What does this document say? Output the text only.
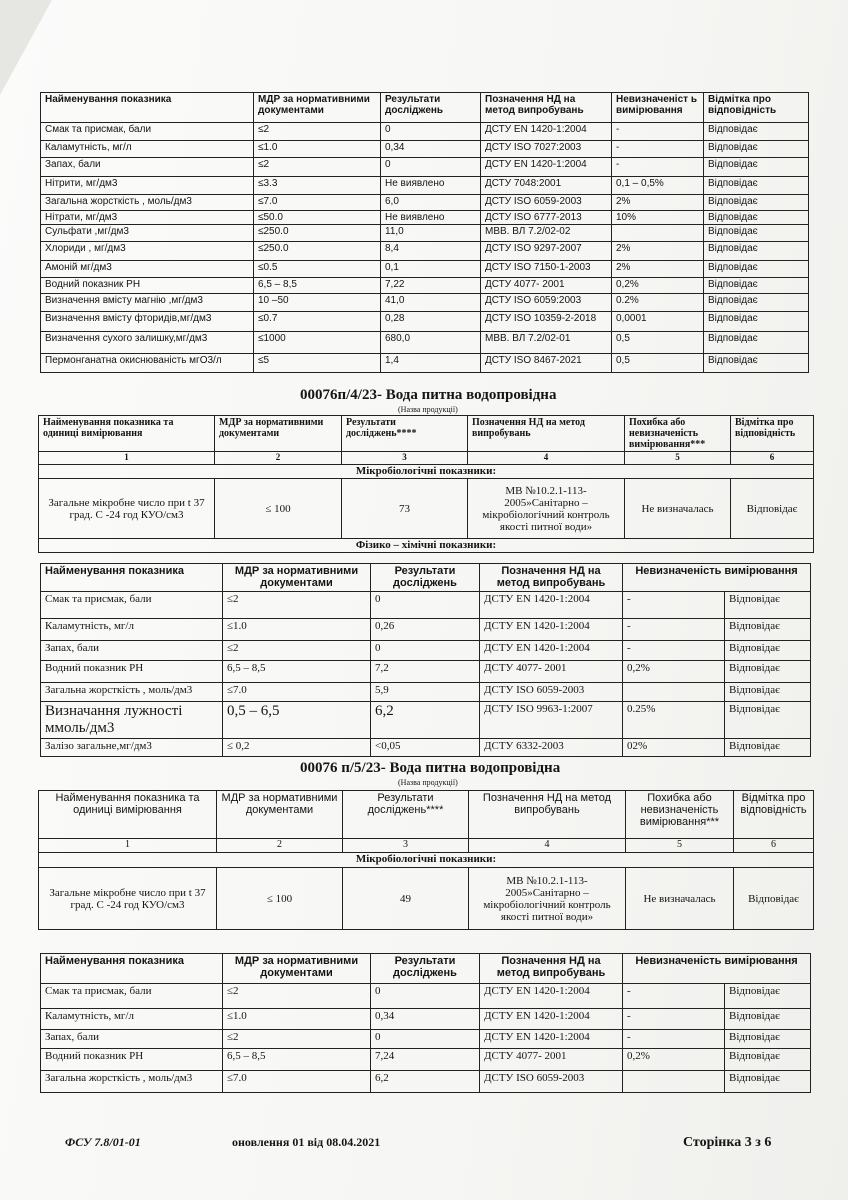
Найменування показника	МДР за нормативними документами	Результати досліджень	Позначення НД на метод випробувань	Невизначеніст ь вимірювання	Відмітка про відповідність
Смак та присмак, бали	≤2	0	ДСТУ EN 1420-1:2004	-	Відповідає
Каламутність, мг/л	≤1.0	0,34	ДСТУ ISO 7027:2003	-	Відповідає
Запах, бали	≤2	0	ДСТУ EN 1420-1:2004	-	Відповідає
Нітрити, мг/дм3	≤3.3	Не виявлено	ДСТУ 7048:2001	0,1 – 0,5%	Відповідає
Загальна жорсткість , моль/дм3	≤7.0	6,0	ДСТУ ISO 6059-2003	2%	Відповідає
Нітрати, мг/дм3	≤50.0	Не виявлено	ДСТУ ISO 6777-2013	10%	Відповідає
Сульфати ,мг/дм3	≤250.0	11,0	МВВ. ВЛ 7.2/02-02		Відповідає
Хлориди , мг/дм3	≤250.0	8,4	ДСТУ ISO 9297-2007	2%	Відповідає
Амоній мг/дм3	≤0.5	0,1	ДСТУ ISO 7150-1-2003	2%	Відповідає
Водний показник РН	6,5 – 8,5	7,22	ДСТУ 4077- 2001	0,2%	Відповідає
Визначення вмісту магнію ,мг/дм3	10 –50	41,0	ДСТУ ISO 6059:2003	0.2%	Відповідає
Визначення вмісту фторидів,мг/дм3	≤0.7	0,28	ДСТУ ISO 10359-2-2018	0,0001	Відповідає
Визначення сухого залишку,мг/дм3	≤1000	680,0	МВВ. ВЛ 7.2/02-01	0,5	Відповідає
Пермонганатна окиснюваність мгО3/л	≤5	1,4	ДСТУ ISO 8467-2021	0,5	Відповідає
00076п/4/23- Вода питна водопровідна
(Назва продукції)
Найменування показника та одиниці вимірювання	МДР за нормативними документами	Результати досліджень****	Позначення НД на метод випробувань	Похибка або невизначеність вимірювання***	Відмітка про відповідність
1	2	3	4	5	6
Мікробіологічні показники:					
Загальне мікробне число при t 37 град. С -24 год КУО/см3	≤ 100	73	МВ №10.2.1-113-2005»Санітарно – мікробіологічний контроль якості питної води»	Не визначалась	Відповідає
Фізико – хімічні показники:					
Найменування показника	МДР за нормативними документами	Результати досліджень	Позначення НД на метод випробувань	Невизначеність вимірювання	
Смак та присмак, бали	≤2	0	ДСТУ EN 1420-1:2004	-	Відповідає
Каламутність, мг/л	≤1.0	0,26	ДСТУ EN 1420-1:2004	-	Відповідає
Запах, бали	≤2	0	ДСТУ EN 1420-1:2004	-	Відповідає
Водний показник РН	6,5 – 8,5	7,2	ДСТУ 4077- 2001	0,2%	Відповідає
Загальна жорсткість , моль/дм3	≤7.0	5,9	ДСТУ ISO 6059-2003		Відповідає
Визначання лужності ммоль/дм3	0,5 – 6,5	6,2	ДСТУ ISO 9963-1:2007	0.25%	Відповідає
Залізо загальне,мг/дм3	≤ 0,2	<0,05	ДСТУ 6332-2003	02%	Відповідає
00076 п/5/23- Вода питна водопровідна
(Назва продукції)
Найменування показника та одиниці вимірювання	МДР за нормативними документами	Результати досліджень****	Позначення НД на метод випробувань	Похибка або невизначеність вимірювання***	Відмітка про відповідність
1	2	3	4	5	6
Мікробіологічні показники:					
Загальне мікробне число при t 37 град. С -24 год КУО/см3	≤ 100	49	МВ №10.2.1-113-2005»Санітарно – мікробіологічний контроль якості питної води»	Не визначалась	Відповідає
Найменування показника	МДР за нормативними документами	Результати досліджень	Позначення НД на метод випробувань	Невизначеність вимірювання	
Смак та присмак, бали	≤2	0	ДСТУ EN 1420-1:2004	-	Відповідає
Каламутність, мг/л	≤1.0	0,34	ДСТУ EN 1420-1:2004	-	Відповідає
Запах, бали	≤2	0	ДСТУ EN 1420-1:2004	-	Відповідає
Водний показник РН	6,5 – 8,5	7,24	ДСТУ 4077- 2001	0,2%	Відповідає
Загальна жорсткість , моль/дм3	≤7.0	6,2	ДСТУ ISO 6059-2003		Відповідає
ФСУ 7.8/01-01	оновлення 01 від 08.04.2021	Сторінка 3 з 6
